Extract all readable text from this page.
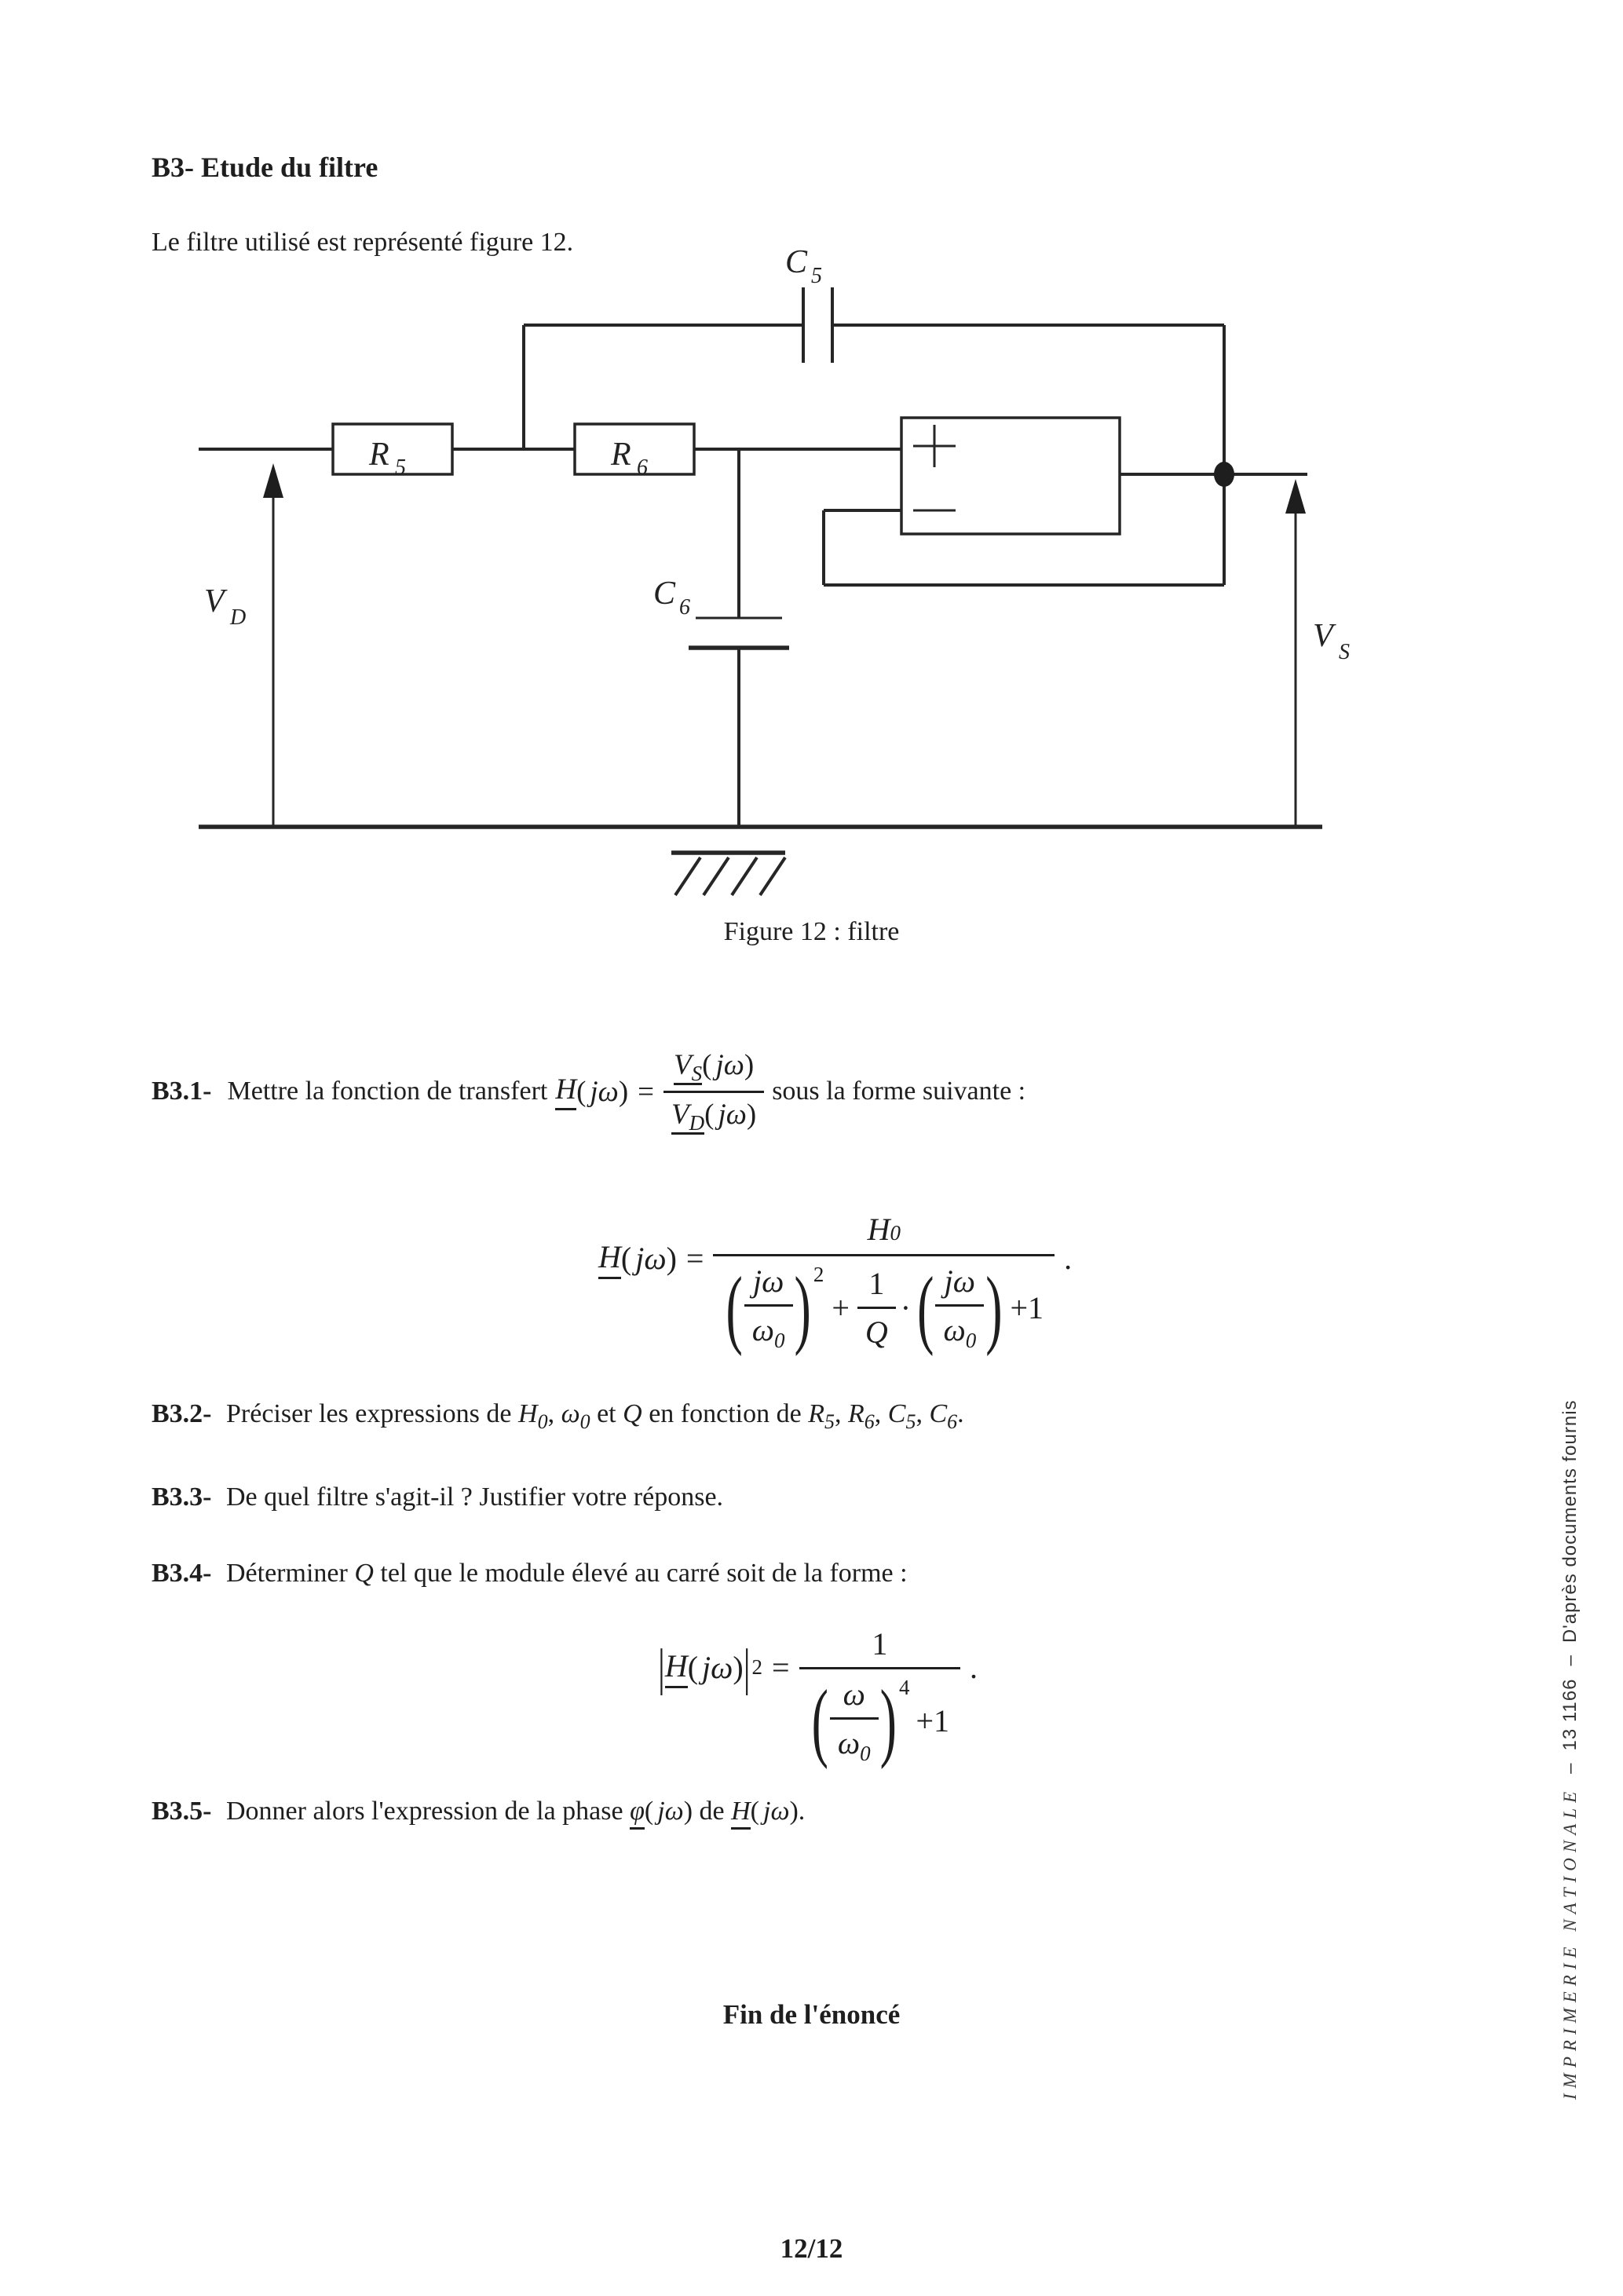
R 5	R 6
C 5
C 6
V D
V S
B3- Etude du filtre
Le filtre utilisé est représenté figure 12.
Figure 12 : filtre
B3.1- Mettre la fonction de transfert H ( jω ) =
$V_S$( jω)
$V_D$( jω)
sous la forme suivante :
H ( jω ) =
H 0
( jω
$\omega_0$ ) 2
+
1
Q
· ( jω
$\omega_0$ ) +1
.
B3.2- Préciser les expressions de $H_0$, $\omega_0$ et Q en fonction de $R_5$, $R_6$, $C_5$, $C_6$.
B3.3- De quel filtre s'agit-il ? Justifier votre réponse.
B3.4- Déterminer Q tel que le module élevé au carré soit de la forme :
| H ( jω ) | 2 =
1
( ω
$\omega_0$ ) 4
+1
.
B3.5- Donner alors l'expression de la phase φ( jω) de H( jω).
Fin de l'énoncé
12/12
IMPRIMERIE NATIONALE
–
13 1166
–
D'après documents fournis
